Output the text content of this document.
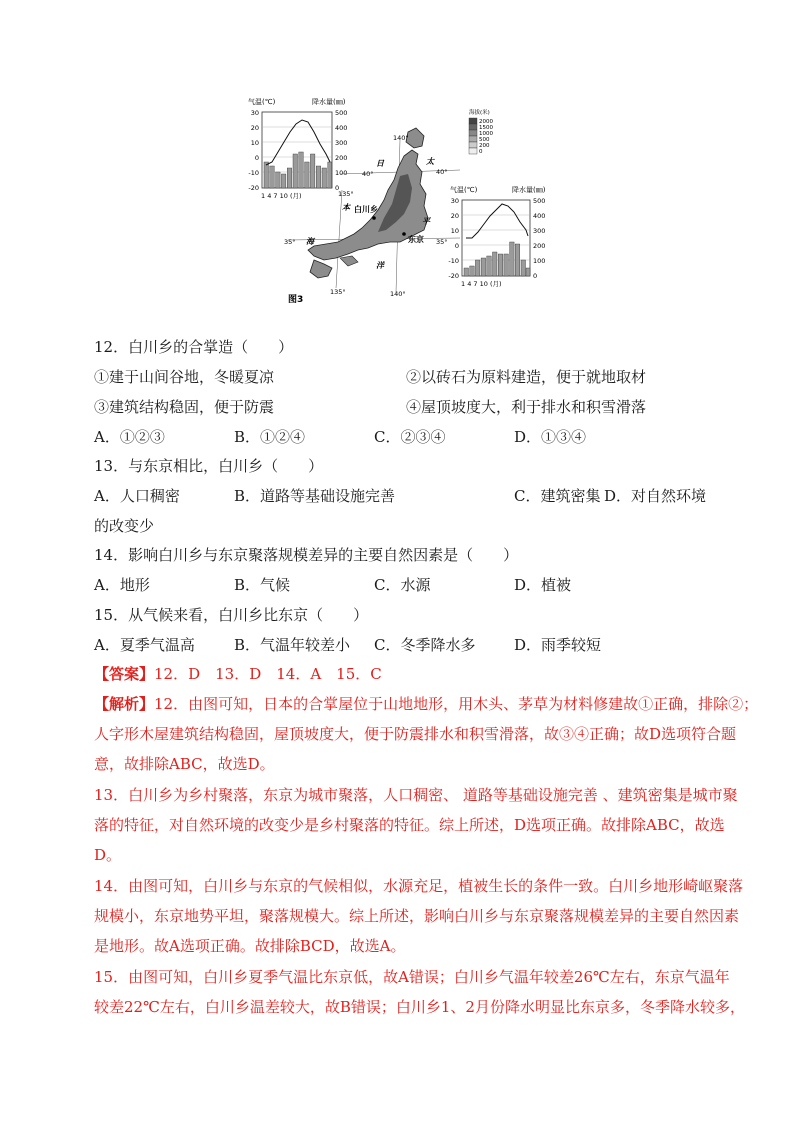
气温(℃)	降水量(㎜)
30
20
10
0
-10
-20
500
400
300
200
100
0
1 4 7 10 (月)
海拔(米)
2000
1500
1000
500
200
0
140°
135°
135°	140°
40°	40°
35°	35°
日
本
海
太
平
洋
白川乡
东京
气温(℃)	降水量(㎜)
30
20
10
0
-10
-20
500
400
300
200
100
0
1 4 7 10 (月)
图3
12．白川乡的合掌造（　　）
①建于山间谷地，冬暖夏凉	②以砖石为原料建造，便于就地取材
③建筑结构稳固，便于防震	④屋顶坡度大，利于排水和积雪滑落
A．①②③	B．①②④	C．②③④	D．①③④
13．与东京相比，白川乡（　　）
A．人口稠密	B．道路等基础设施完善	C．建筑密集 D．对自然环境
的改变少
14．影响白川乡与东京聚落规模差异的主要自然因素是（　　）
A．地形	B．气候	C．水源	D．植被
15．从气候来看，白川乡比东京（　　）
A．夏季气温高	B．气温年较差小 C．冬季降水多	D．雨季较短
【答案】12．D　13．D　14．A　15．C
【解析】12．由图可知，日本的合掌屋位于山地地形，用木头、茅草为材料修建故①正确，排除②；
人字形木屋建筑结构稳固，屋顶坡度大，便于防震排水和积雪滑落，故③④正确；故D选项符合题
意，故排除ABC，故选D。
13．白川乡为乡村聚落，东京为城市聚落，人口稠密、 道路等基础设施完善 、建筑密集是城市聚
落的特征，对自然环境的改变少是乡村聚落的特征。综上所述，D选项正确。故排除ABC，故选
D。
14．由图可知，白川乡与东京的气候相似，水源充足，植被生长的条件一致。白川乡地形崎岖聚落
规模小，东京地势平坦，聚落规模大。综上所述，影响白川乡与东京聚落规模差异的主要自然因素
是地形。故A选项正确。故排除BCD，故选A。
15．由图可知，白川乡夏季气温比东京低，故A错误；白川乡气温年较差26℃左右，东京气温年
较差22℃左右，白川乡温差较大，故B错误；白川乡1、2月份降水明显比东京多，冬季降水较多，
